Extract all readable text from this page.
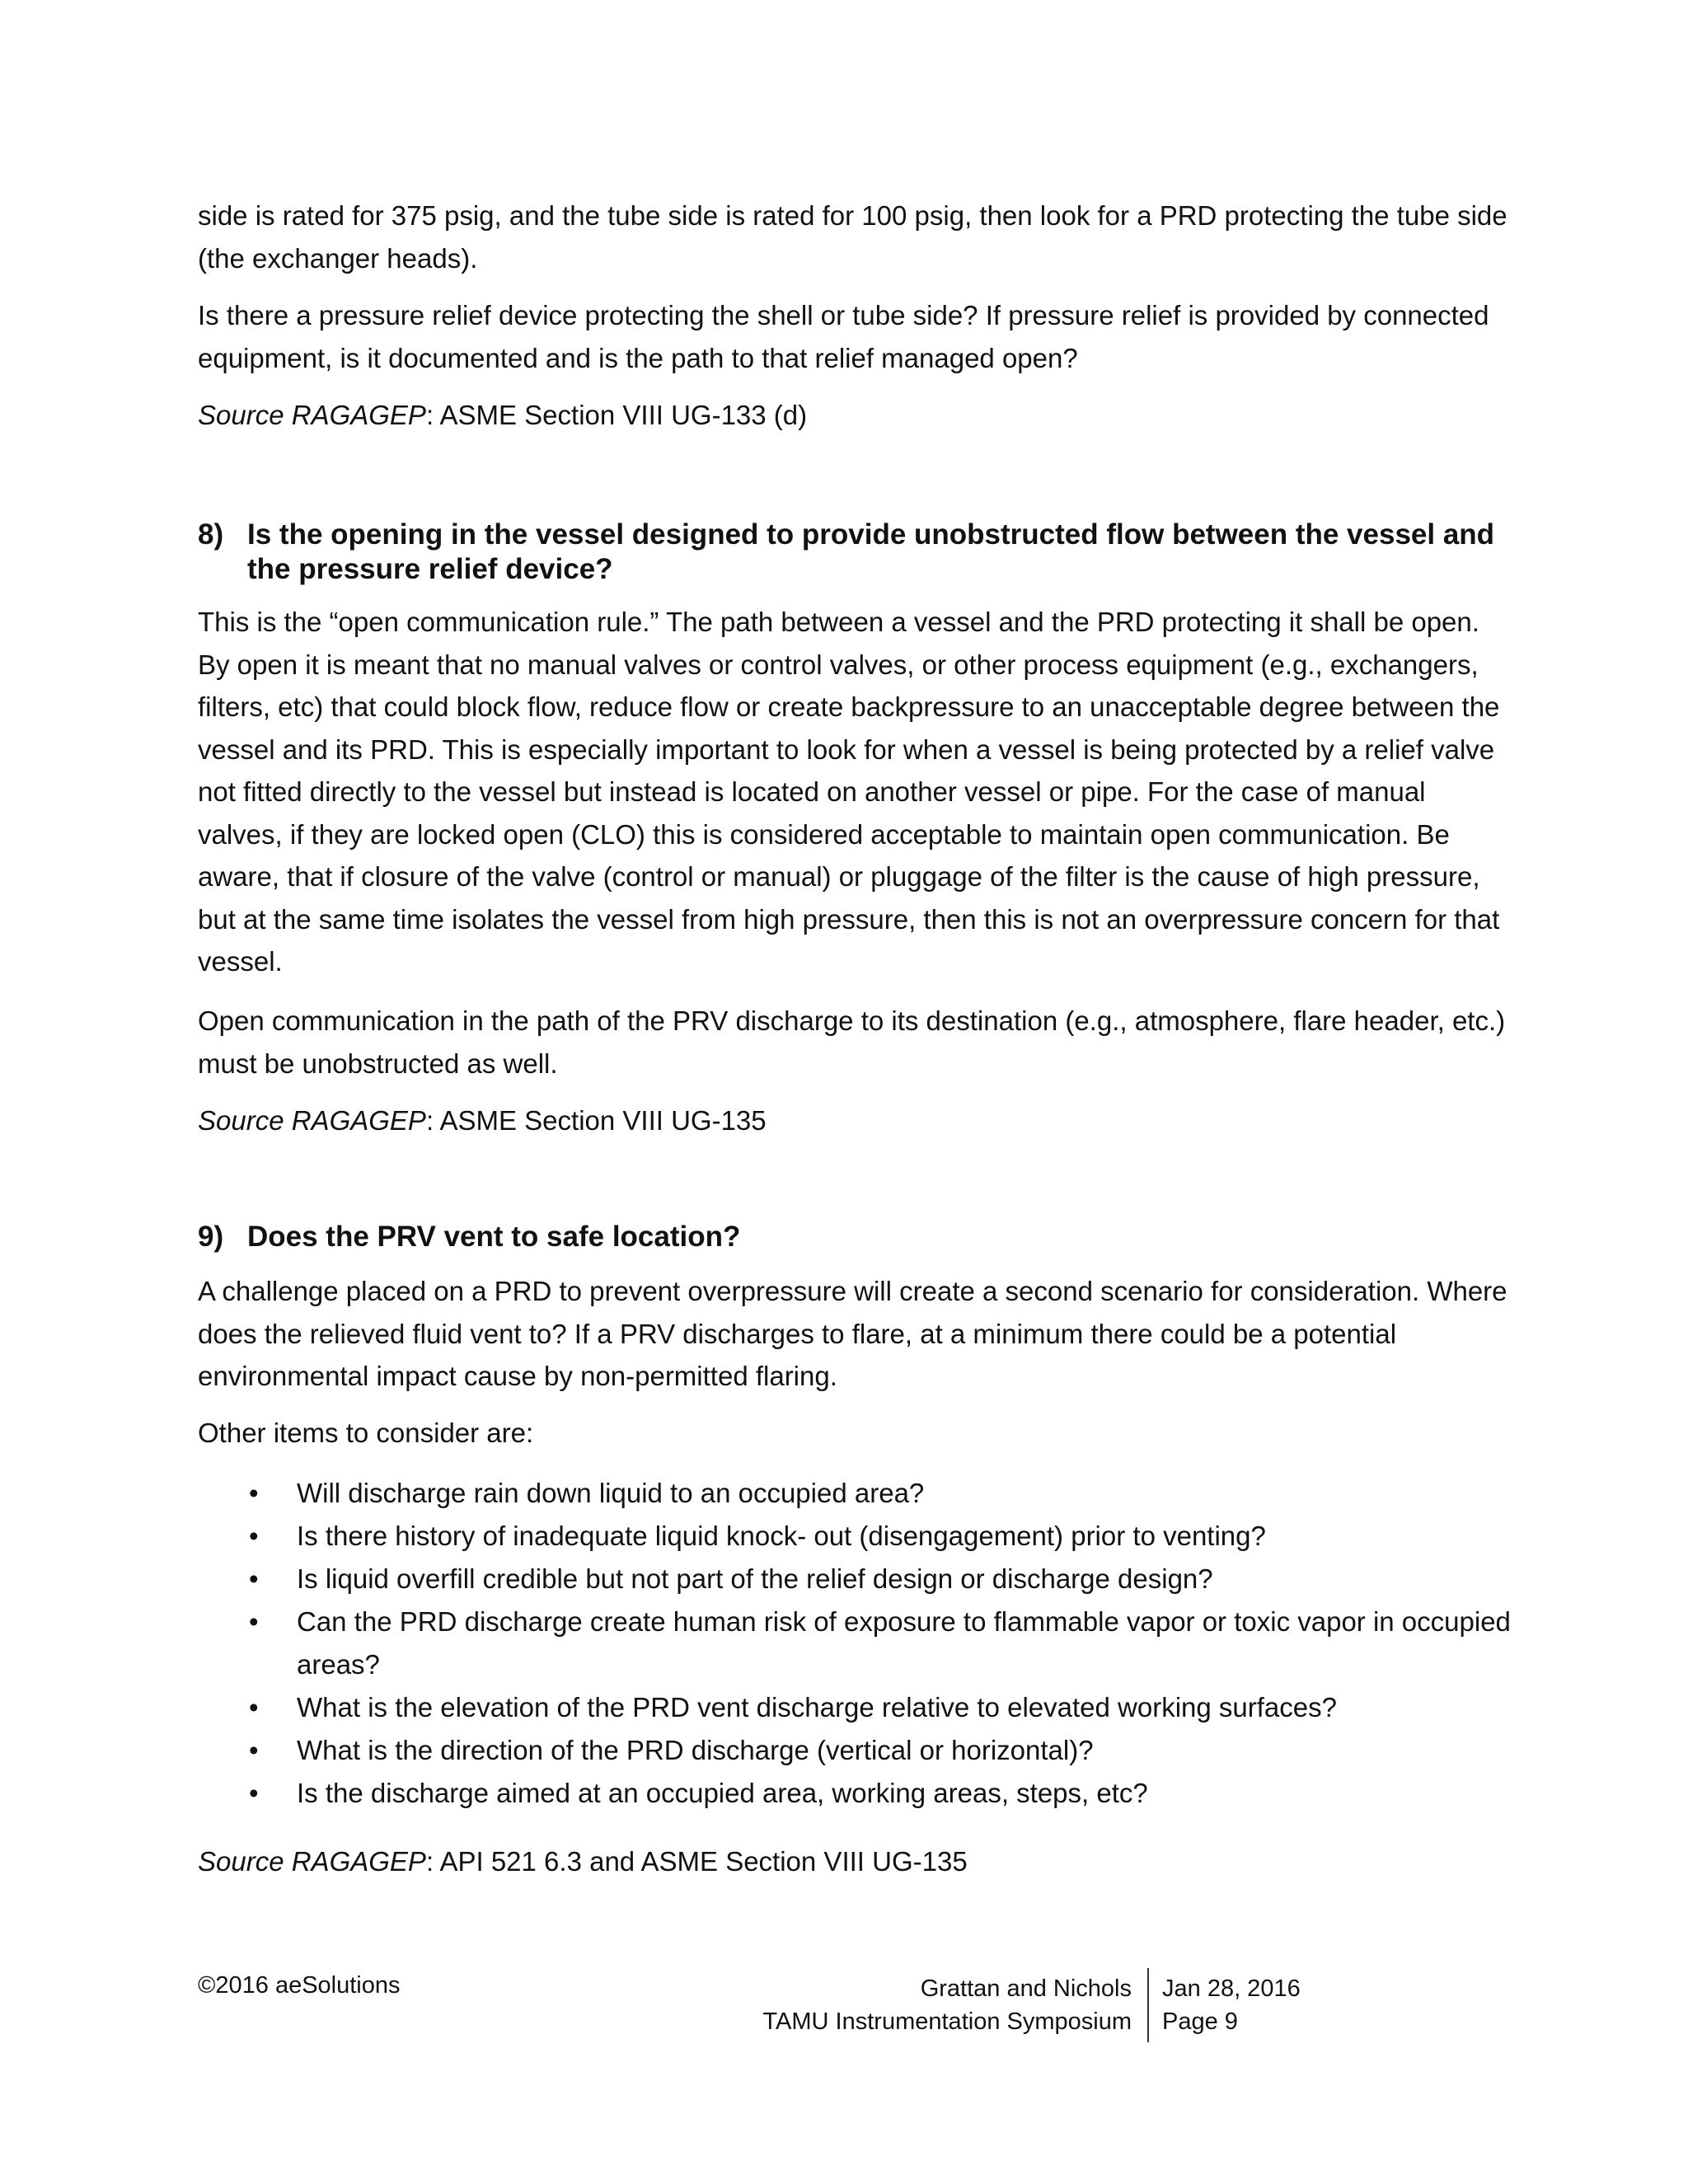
side is rated for 375 psig, and the tube side is rated for 100 psig, then look for a PRD protecting the tube side (the exchanger heads).

Is there a pressure relief device protecting the shell or tube side? If pressure relief is provided by connected equipment, is it documented and is the path to that relief managed open?

Source RAGAGEP: ASME Section VIII UG-133 (d)

8) Is the opening in the vessel designed to provide unobstructed flow between the vessel and the pressure relief device?

This is the “open communication rule.” The path between a vessel and the PRD protecting it shall be open. By open it is meant that no manual valves or control valves, or other process equipment (e.g., exchangers, filters, etc) that could block flow, reduce flow or create backpressure to an unacceptable degree between the vessel and its PRD. This is especially important to look for when a vessel is being protected by a relief valve not fitted directly to the vessel but instead is located on another vessel or pipe. For the case of manual valves, if they are locked open (CLO) this is considered acceptable to maintain open communication. Be aware, that if closure of the valve (control or manual) or pluggage of the filter is the cause of high pressure, but at the same time isolates the vessel from high pressure, then this is not an overpressure concern for that vessel.

Open communication in the path of the PRV discharge to its destination (e.g., atmosphere, flare header, etc.) must be unobstructed as well.

Source RAGAGEP: ASME Section VIII UG-135

9) Does the PRV vent to safe location?

A challenge placed on a PRD to prevent overpressure will create a second scenario for consideration. Where does the relieved fluid vent to? If a PRV discharges to flare, at a minimum there could be a potential environmental impact cause by non-permitted flaring.

Other items to consider are:

• Will discharge rain down liquid to an occupied area?
• Is there history of inadequate liquid knock- out (disengagement) prior to venting?
• Is liquid overfill credible but not part of the relief design or discharge design?
• Can the PRD discharge create human risk of exposure to flammable vapor or toxic vapor in occupied areas?
• What is the elevation of the PRD vent discharge relative to elevated working surfaces?
• What is the direction of the PRD discharge (vertical or horizontal)?
• Is the discharge aimed at an occupied area, working areas, steps, etc?

Source RAGAGEP: API 521 6.3 and ASME Section VIII UG-135

©2016 aeSolutions	Grattan and Nichols
TAMU Instrumentation Symposium
Jan 28, 2016
Page 9
